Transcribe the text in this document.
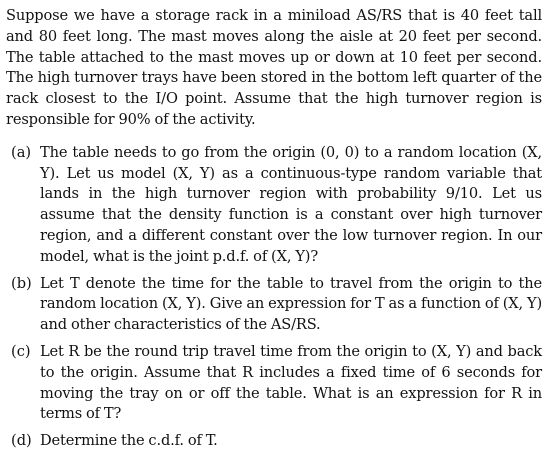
Suppose we have a storage rack in a miniload AS/RS that is 40 feet tall and 80 feet long. The mast moves along the aisle at 20 feet per second. The table attached to the mast moves up or down at 10 feet per second. The high turnover trays have been stored in the bottom left quarter of the rack closest to the I/O point. Assume that the high turnover region is responsible for 90% of the activity.

(a) The table needs to go from the origin (0, 0) to a random location (X, Y). Let us model (X, Y) as a continuous-type random variable that lands in the high turnover region with probability 9/10. Let us assume that the density function is a constant over high turnover region, and a different constant over the low turnover region. In our model, what is the joint p.d.f. of (X, Y)?
(b) Let T denote the time for the table to travel from the origin to the random location (X, Y). Give an expression for T as a function of (X, Y) and other characteristics of the AS/RS.
(c) Let R be the round trip travel time from the origin to (X, Y) and back to the origin. Assume that R includes a fixed time of 6 seconds for moving the tray on or off the table. What is an expression for R in terms of T?
(d) Determine the c.d.f. of T.
